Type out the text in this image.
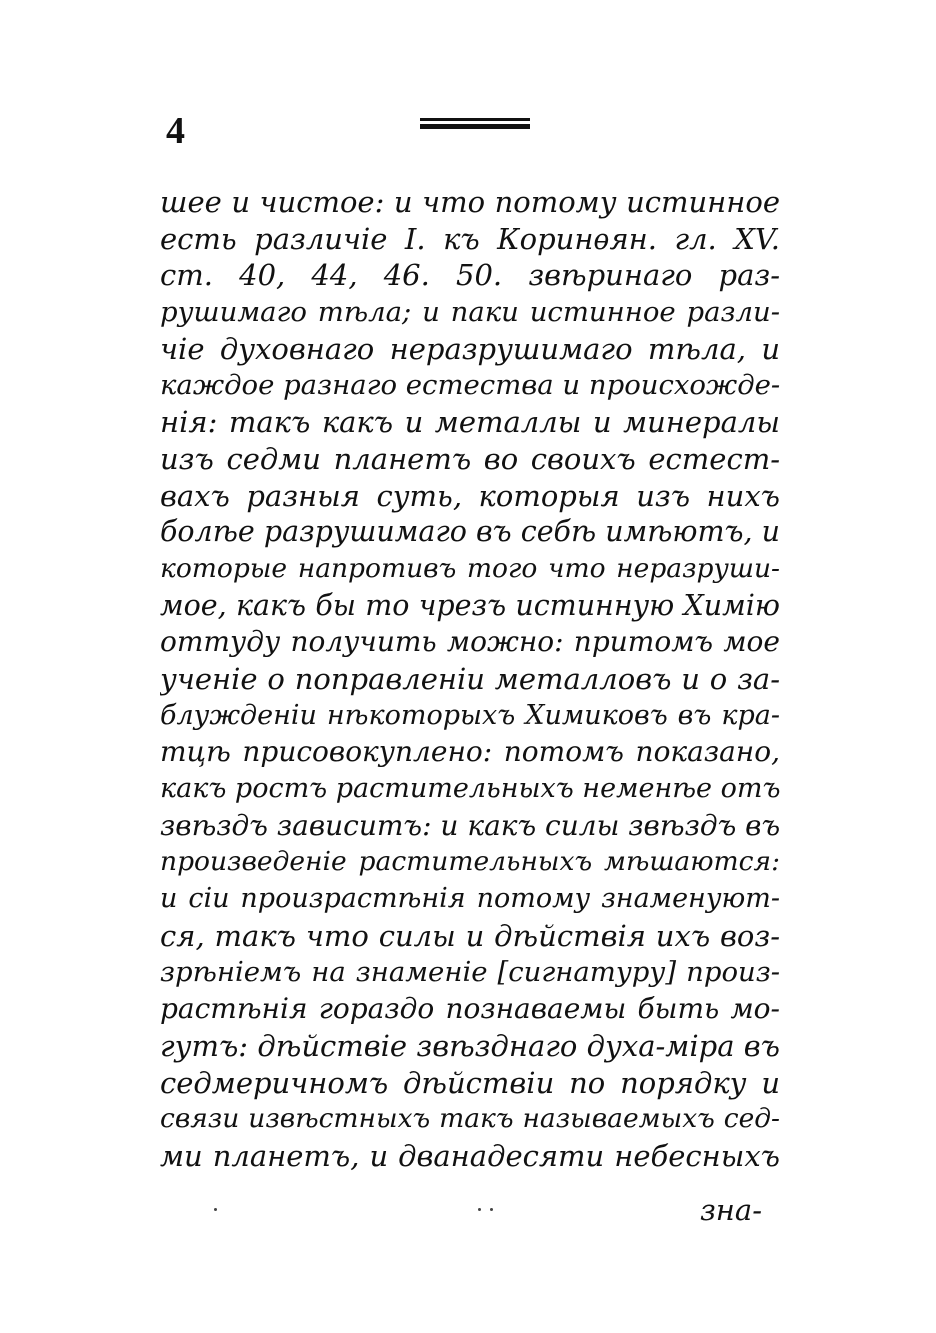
4
шее и чистое: и что потому истинное
есть различіе I. къ Коринѳян. гл. XV.
ст. 40, 44, 46. 50. звѣринаго раз-
рушимаго тѣла; и паки истинное разли-
чіе духовнаго неразрушимаго тѣла, и
каждое разнаго естества и происхожде-
нія: такъ какъ и металлы и минералы
изъ седми планетъ во своихъ естест-
вахъ разныя суть, которыя изъ нихъ
болѣе разрушимаго въ себѣ имѣютъ, и
которые напротивъ того что неразруши-
мое, какъ бы то чрезъ истинную Химію
оттуду получить можно: притомъ мое
ученіе о поправленіи металловъ и о за-
блужденіи нѣкоторыхъ Химиковъ въ кра-
тцѣ присовокуплено: потомъ показано,
какъ ростъ растительныхъ неменѣе отъ
звѣздъ зависитъ: и какъ силы звѣздъ въ
произведеніе растительныхъ мѣшаются:
и сіи произрастѣнія потому знаменуют-
ся, такъ что силы и дѣйствія ихъ воз-
зрѣніемъ на знаменіе [сигнатуру] произ-
растѣнія гораздо познаваемы быть мо-
гутъ: дѣйствіе звѣзднаго духа-міра въ
седмеричномъ дѣйствіи по порядку и
связи извѣстныхъ такъ называемыхъ сед-
ми планетъ, и дванадесяти небесныхъ
зна-
